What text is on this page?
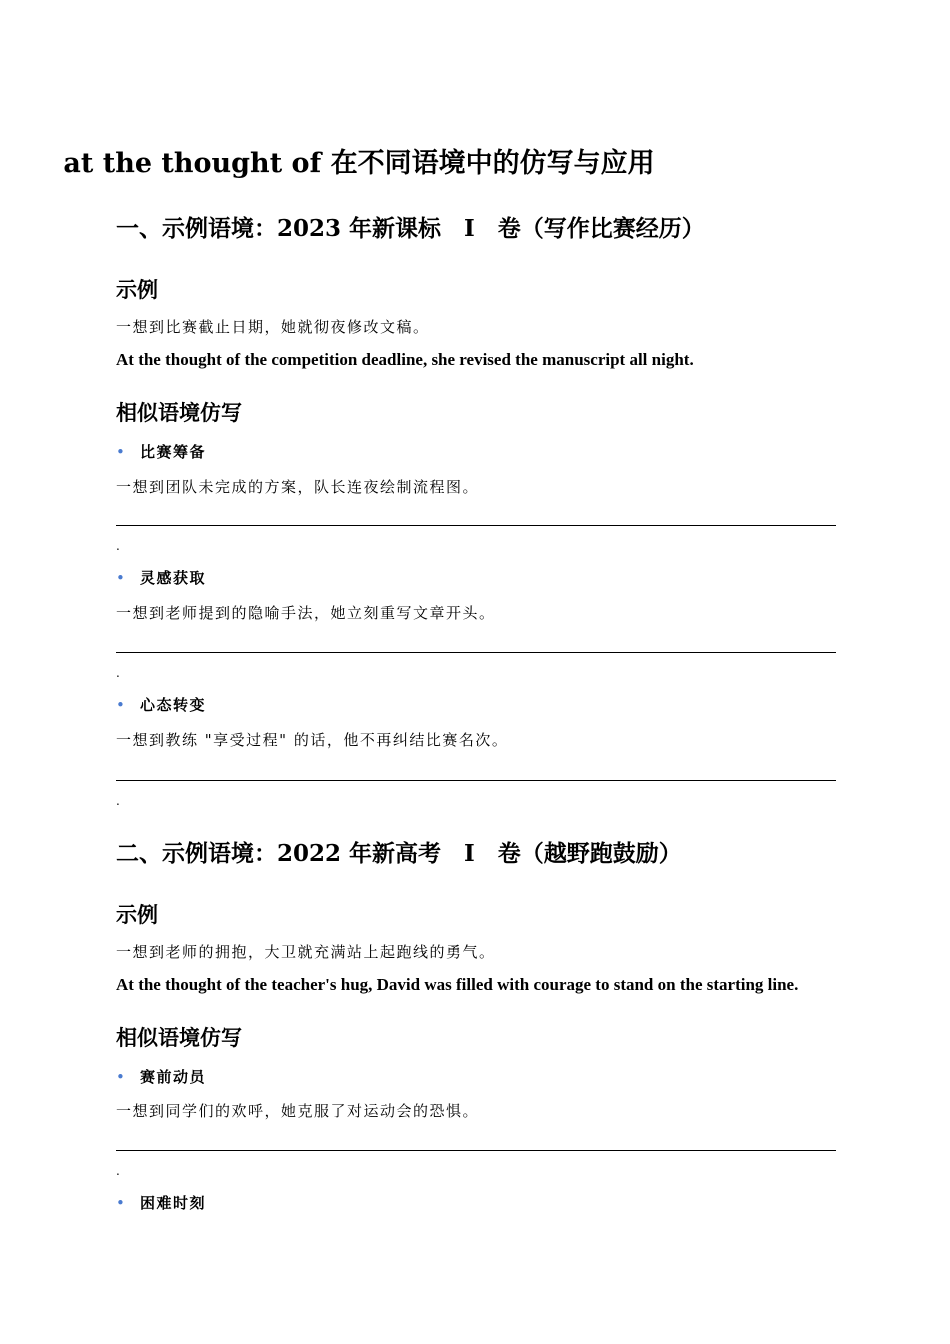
at the thought of 在不同语境中的仿写与应用
一、示例语境：2023 年新课标　Ⅰ　卷（写作比赛经历）
示例

一想到比赛截止日期，她就彻夜修改文稿。

At the thought of the competition deadline, she revised the manuscript all night.

相似语境仿写
• 比赛筹备

一想到团队未完成的方案，队长连夜绘制流程图。

.
• 灵感获取

一想到老师提到的隐喻手法，她立刻重写文章开头。

.
• 心态转变

一想到教练 "享受过程" 的话，他不再纠结比赛名次。

.
二、示例语境：2022 年新高考　Ⅰ　卷（越野跑鼓励）
示例

一想到老师的拥抱，大卫就充满站上起跑线的勇气。

At the thought of the teacher's hug, David was filled with courage to stand on the starting line.

相似语境仿写
• 赛前动员

一想到同学们的欢呼，她克服了对运动会的恐惧。

.
• 困难时刻
